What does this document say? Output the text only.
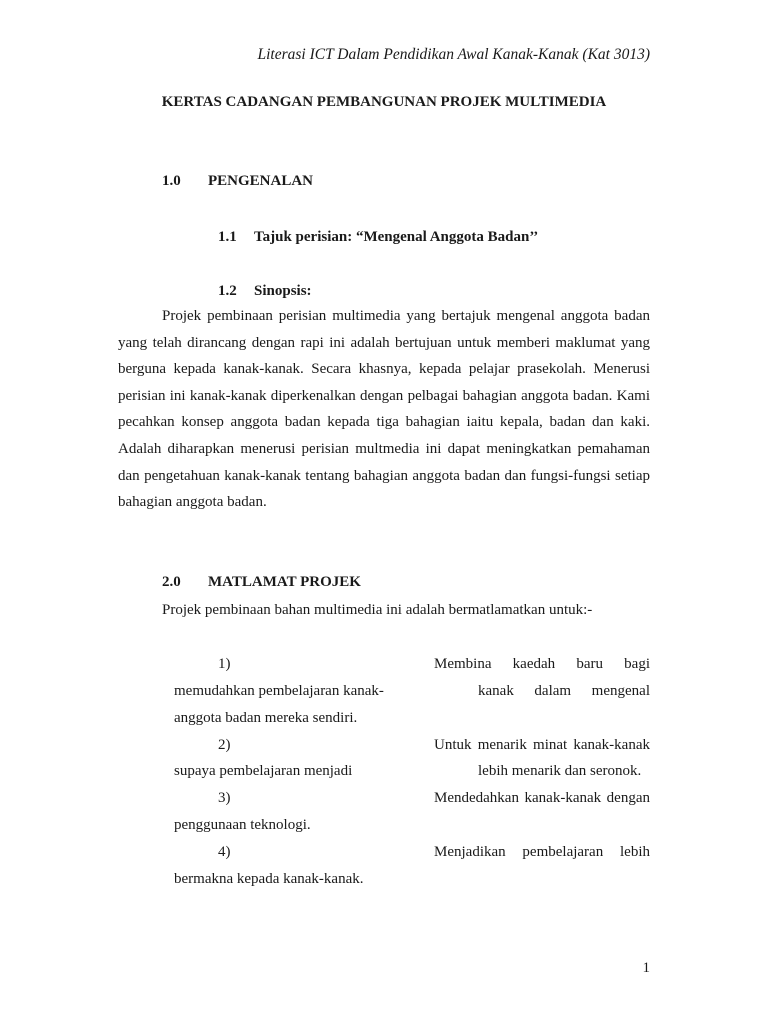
Literasi ICT Dalam Pendidikan Awal Kanak-Kanak (Kat 3013)
KERTAS CADANGAN PEMBANGUNAN PROJEK MULTIMEDIA
1.0 PENGENALAN
1.1 Tajuk perisian: “Mengenal Anggota Badan’’
1.2 Sinopsis:

Projek pembinaan perisian multimedia yang bertajuk mengenal anggota badan yang telah dirancang dengan rapi ini adalah bertujuan untuk memberi maklumat yang berguna kepada kanak-kanak. Secara khasnya, kepada pelajar prasekolah. Menerusi perisian ini kanak-kanak diperkenalkan dengan pelbagai bahagian anggota badan. Kami pecahkan konsep anggota badan kepada tiga bahagian iaitu kepala, badan dan kaki. Adalah diharapkan menerusi perisian multmedia ini dapat meningkatkan pemahaman dan pengetahuan kanak-kanak tentang bahagian anggota badan dan fungsi-fungsi setiap bahagian anggota badan.

2.0 MATLAMAT PROJEK
Projek pembinaan bahan multimedia ini adalah bermatlamatkan untuk:-
1)	Membina kaedah baru bagi
memudahkan pembelajaran kanak-	kanak dalam mengenal
anggota badan mereka sendiri.
2)	Untuk menarik minat kanak-kanak
supaya pembelajaran menjadi	lebih menarik dan seronok.
3)	Mendedahkan kanak-kanak dengan
penggunaan teknologi.
4)	Menjadikan pembelajaran lebih
bermakna kepada kanak-kanak.
1
